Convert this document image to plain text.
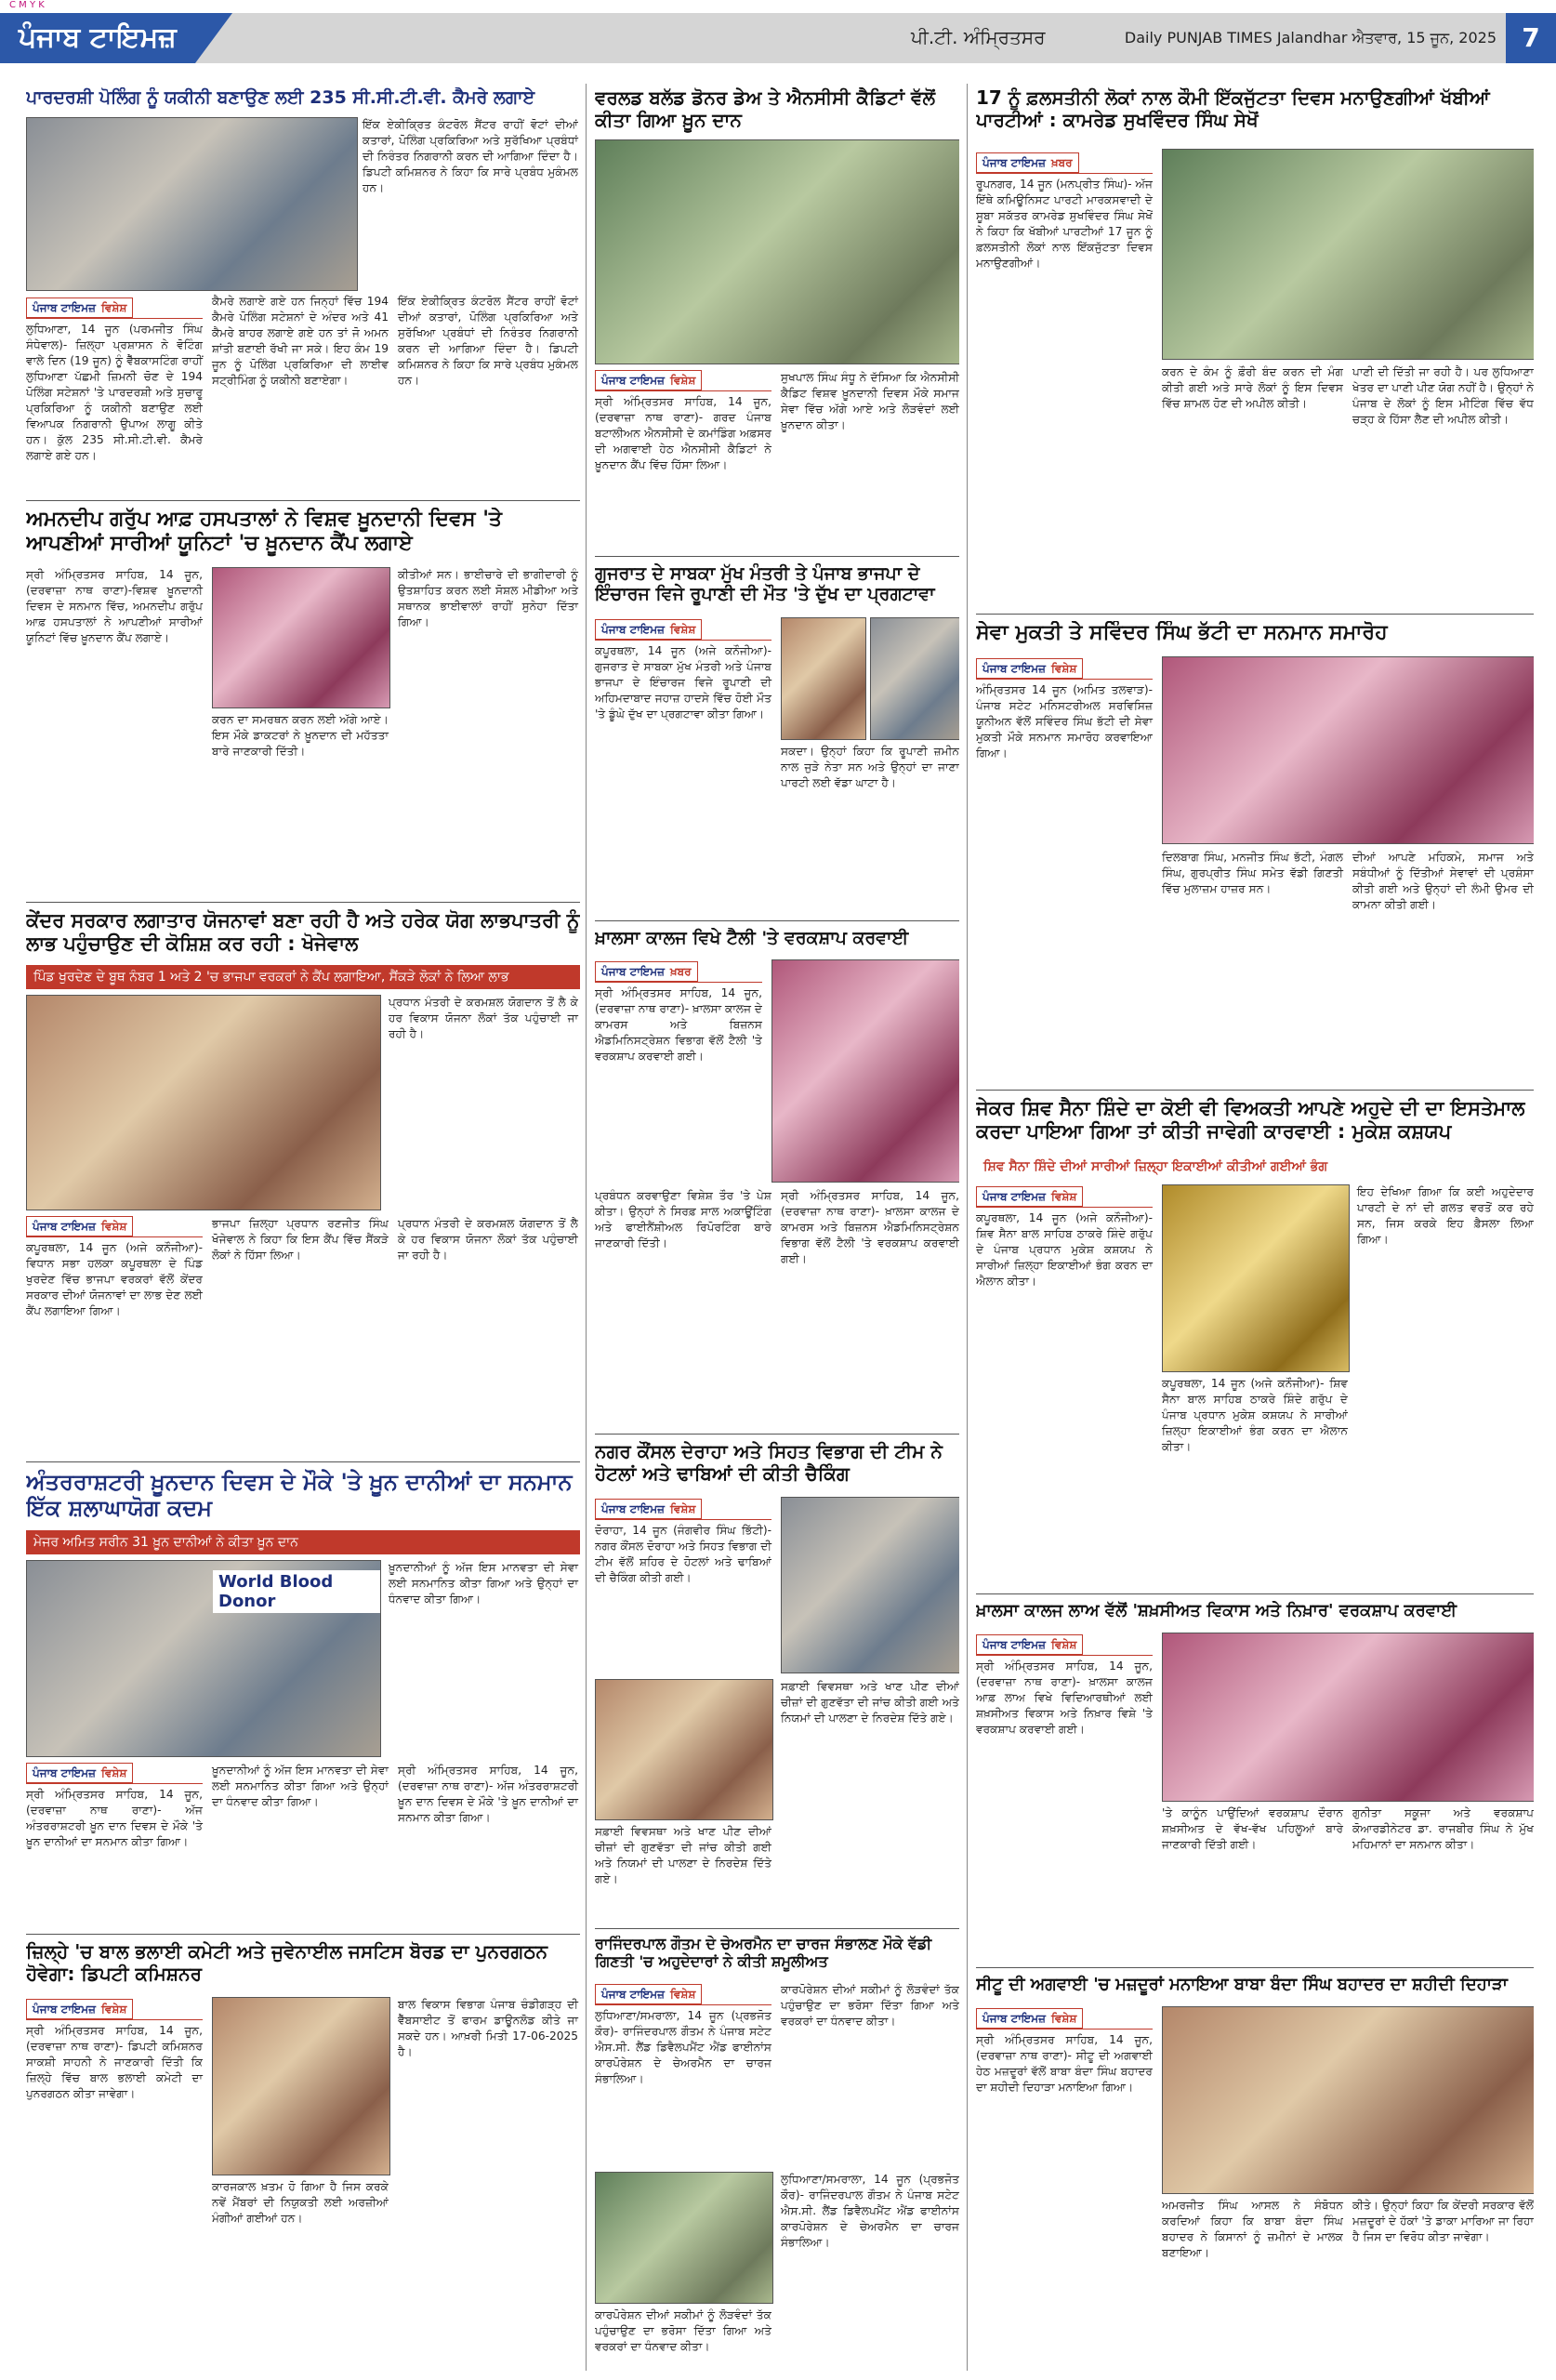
C M Y K
ਪੰਜਾਬ ਟਾਇਮਜ਼	ਪੀ.ਟੀ. ਅੰਮ੍ਰਿਤਸਰ	Daily PUNJAB TIMES Jalandhar ਐਤਵਾਰ, 15 ਜੂਨ, 2025 7
ਪਾਰਦਰਸ਼ੀ ਪੋਲਿੰਗ ਨੂੰ ਯਕੀਨੀ ਬਣਾਉਣ ਲਈ 235 ਸੀ.ਸੀ.ਟੀ.ਵੀ. ਕੈਮਰੇ ਲਗਾਏ
ਇੱਕ ਏਕੀਕ੍ਰਿਤ ਕੰਟਰੋਲ ਸੈਂਟਰ ਰਾਹੀਂ ਵੋਟਾਂ ਦੀਆਂ ਕਤਾਰਾਂ, ਪੋਲਿੰਗ ਪ੍ਰਕਿਰਿਆ ਅਤੇ ਸੁਰੱਖਿਆ ਪ੍ਰਬੰਧਾਂ ਦੀ ਨਿਰੰਤਰ ਨਿਗਰਾਨੀ ਕਰਨ ਦੀ ਆਗਿਆ ਦਿੰਦਾ ਹੈ। ਡਿਪਟੀ ਕਮਿਸ਼ਨਰ ਨੇ ਕਿਹਾ ਕਿ ਸਾਰੇ ਪ੍ਰਬੰਧ ਮੁਕੰਮਲ ਹਨ।
ਪੰਜਾਬ ਟਾਇਮਜ਼ ਵਿਸ਼ੇਸ਼
ਲੁਧਿਆਣਾ, 14 ਜੂਨ (ਪਰਮਜੀਤ ਸਿੰਘ ਸੰਧੇਵਾਲ)- ਜ਼ਿਲ੍ਹਾ ਪ੍ਰਸ਼ਾਸਨ ਨੇ ਵੋਟਿੰਗ ਵਾਲੇ ਦਿਨ (19 ਜੂਨ) ਨੂੰ ਵੈੱਬਕਾਸਟਿੰਗ ਰਾਹੀਂ ਲੁਧਿਆਣਾ ਪੱਛਮੀ ਜ਼ਿਮਨੀ ਚੋਣ ਦੇ 194 ਪੋਲਿੰਗ ਸਟੇਸ਼ਨਾਂ 'ਤੇ ਪਾਰਦਰਸ਼ੀ ਅਤੇ ਸੁਚਾਰੂ ਪ੍ਰਕਿਰਿਆ ਨੂੰ ਯਕੀਨੀ ਬਣਾਉਣ ਲਈ ਵਿਆਪਕ ਨਿਗਰਾਨੀ ਉਪਾਅ ਲਾਗੂ ਕੀਤੇ ਹਨ। ਕੁੱਲ 235 ਸੀ.ਸੀ.ਟੀ.ਵੀ. ਕੈਮਰੇ ਲਗਾਏ ਗਏ ਹਨ।
ਕੈਮਰੇ ਲਗਾਏ ਗਏ ਹਨ ਜਿਨ੍ਹਾਂ ਵਿੱਚ 194 ਕੈਮਰੇ ਪੋਲਿੰਗ ਸਟੇਸ਼ਨਾਂ ਦੇ ਅੰਦਰ ਅਤੇ 41 ਕੈਮਰੇ ਬਾਹਰ ਲਗਾਏ ਗਏ ਹਨ ਤਾਂ ਜੋ ਅਮਨ ਸ਼ਾਂਤੀ ਬਣਾਈ ਰੱਖੀ ਜਾ ਸਕੇ। ਇਹ ਕੰਮ 19 ਜੂਨ ਨੂੰ ਪੋਲਿੰਗ ਪ੍ਰਕਿਰਿਆ ਦੀ ਲਾਈਵ ਸਟ੍ਰੀਮਿੰਗ ਨੂੰ ਯਕੀਨੀ ਬਣਾਏਗਾ।
ਇੱਕ ਏਕੀਕ੍ਰਿਤ ਕੰਟਰੋਲ ਸੈਂਟਰ ਰਾਹੀਂ ਵੋਟਾਂ ਦੀਆਂ ਕਤਾਰਾਂ, ਪੋਲਿੰਗ ਪ੍ਰਕਿਰਿਆ ਅਤੇ ਸੁਰੱਖਿਆ ਪ੍ਰਬੰਧਾਂ ਦੀ ਨਿਰੰਤਰ ਨਿਗਰਾਨੀ ਕਰਨ ਦੀ ਆਗਿਆ ਦਿੰਦਾ ਹੈ। ਡਿਪਟੀ ਕਮਿਸ਼ਨਰ ਨੇ ਕਿਹਾ ਕਿ ਸਾਰੇ ਪ੍ਰਬੰਧ ਮੁਕੰਮਲ ਹਨ।
ਅਮਨਦੀਪ ਗਰੁੱਪ ਆਫ਼ ਹਸਪਤਾਲਾਂ ਨੇ ਵਿਸ਼ਵ ਖ਼ੂਨਦਾਨੀ ਦਿਵਸ 'ਤੇ ਆਪਣੀਆਂ ਸਾਰੀਆਂ ਯੂਨਿਟਾਂ 'ਚ ਖ਼ੂਨਦਾਨ ਕੈਂਪ ਲਗਾਏ
ਸ੍ਰੀ ਅੰਮ੍ਰਿਤਸਰ ਸਾਹਿਬ, 14 ਜੂਨ, (ਦਰਵਾਜ਼ਾ ਨਾਥ ਰਾਣਾ)-ਵਿਸ਼ਵ ਖ਼ੂਨਦਾਨੀ ਦਿਵਸ ਦੇ ਸਨਮਾਨ ਵਿੱਚ, ਅਮਨਦੀਪ ਗਰੁੱਪ ਆਫ਼ ਹਸਪਤਾਲਾਂ ਨੇ ਆਪਣੀਆਂ ਸਾਰੀਆਂ ਯੂਨਿਟਾਂ ਵਿੱਚ ਖ਼ੂਨਦਾਨ ਕੈਂਪ ਲਗਾਏ।
ਕਰਨ ਦਾ ਸਮਰਥਨ ਕਰਨ ਲਈ ਅੱਗੇ ਆਏ। ਇਸ ਮੌਕੇ ਡਾਕਟਰਾਂ ਨੇ ਖ਼ੂਨਦਾਨ ਦੀ ਮਹੱਤਤਾ ਬਾਰੇ ਜਾਣਕਾਰੀ ਦਿੱਤੀ।
ਕੀਤੀਆਂ ਸਨ। ਭਾਈਚਾਰੇ ਦੀ ਭਾਗੀਦਾਰੀ ਨੂੰ ਉਤਸ਼ਾਹਿਤ ਕਰਨ ਲਈ ਸੋਸ਼ਲ ਮੀਡੀਆ ਅਤੇ ਸਥਾਨਕ ਭਾਈਵਾਲਾਂ ਰਾਹੀਂ ਸੁਨੇਹਾ ਦਿੱਤਾ ਗਿਆ।
ਕੇਂਦਰ ਸਰਕਾਰ ਲਗਾਤਾਰ ਯੋਜਨਾਵਾਂ ਬਣਾ ਰਹੀ ਹੈ ਅਤੇ ਹਰੇਕ ਯੋਗ ਲਾਭਪਾਤਰੀ ਨੂੰ ਲਾਭ ਪਹੁੰਚਾਉਣ ਦੀ ਕੋਸ਼ਿਸ਼ ਕਰ ਰਹੀ : ਖੋਜੇਵਾਲ
ਪਿੰਡ ਖੁਰਦੇਣ ਦੇ ਬੂਥ ਨੰਬਰ 1 ਅਤੇ 2 'ਚ ਭਾਜਪਾ ਵਰਕਰਾਂ ਨੇ ਕੈਂਪ ਲਗਾਇਆ, ਸੈਂਕੜੇ ਲੋਕਾਂ ਨੇ ਲਿਆ ਲਾਭ
ਪ੍ਰਧਾਨ ਮੰਤਰੀ ਦੇ ਕਰਮਸ਼ਲ ਯੋਗਦਾਨ ਤੋਂ ਲੈ ਕੇ ਹਰ ਵਿਕਾਸ ਯੋਜਨਾ ਲੋਕਾਂ ਤੱਕ ਪਹੁੰਚਾਈ ਜਾ ਰਹੀ ਹੈ।
ਪੰਜਾਬ ਟਾਇਮਜ਼ ਵਿਸ਼ੇਸ਼
ਕਪੂਰਥਲਾ, 14 ਜੂਨ (ਅਜੇ ਕਨੌਜੀਆ)- ਵਿਧਾਨ ਸਭਾ ਹਲਕਾ ਕਪੂਰਥਲਾ ਦੇ ਪਿੰਡ ਖੁਰਦੇਣ ਵਿੱਚ ਭਾਜਪਾ ਵਰਕਰਾਂ ਵੱਲੋਂ ਕੇਂਦਰ ਸਰਕਾਰ ਦੀਆਂ ਯੋਜਨਾਵਾਂ ਦਾ ਲਾਭ ਦੇਣ ਲਈ ਕੈਂਪ ਲਗਾਇਆ ਗਿਆ।
ਭਾਜਪਾ ਜ਼ਿਲ੍ਹਾ ਪ੍ਰਧਾਨ ਰਣਜੀਤ ਸਿੰਘ ਖੋਜੇਵਾਲ ਨੇ ਕਿਹਾ ਕਿ ਇਸ ਕੈਂਪ ਵਿੱਚ ਸੈਂਕੜੇ ਲੋਕਾਂ ਨੇ ਹਿੱਸਾ ਲਿਆ।
ਪ੍ਰਧਾਨ ਮੰਤਰੀ ਦੇ ਕਰਮਸ਼ਲ ਯੋਗਦਾਨ ਤੋਂ ਲੈ ਕੇ ਹਰ ਵਿਕਾਸ ਯੋਜਨਾ ਲੋਕਾਂ ਤੱਕ ਪਹੁੰਚਾਈ ਜਾ ਰਹੀ ਹੈ।
ਅੰਤਰਰਾਸ਼ਟਰੀ ਖ਼ੂਨਦਾਨ ਦਿਵਸ ਦੇ ਮੌਕੇ 'ਤੇ ਖ਼ੂਨ ਦਾਨੀਆਂ ਦਾ ਸਨਮਾਨ ਇੱਕ ਸ਼ਲਾਘਾਯੋਗ ਕਦਮ
ਮੇਜਰ ਅਮਿਤ ਸਰੀਨ 31 ਖ਼ੂਨ ਦਾਨੀਆਂ ਨੇ ਕੀਤਾ ਖ਼ੂਨ ਦਾਨ
World Blood Donor
ਖ਼ੂਨਦਾਨੀਆਂ ਨੂੰ ਅੱਜ ਇਸ ਮਾਨਵਤਾ ਦੀ ਸੇਵਾ ਲਈ ਸਨਮਾਨਿਤ ਕੀਤਾ ਗਿਆ ਅਤੇ ਉਨ੍ਹਾਂ ਦਾ ਧੰਨਵਾਦ ਕੀਤਾ ਗਿਆ।
ਪੰਜਾਬ ਟਾਇਮਜ਼ ਵਿਸ਼ੇਸ਼
ਸ੍ਰੀ ਅੰਮ੍ਰਿਤਸਰ ਸਾਹਿਬ, 14 ਜੂਨ, (ਦਰਵਾਜ਼ਾ ਨਾਥ ਰਾਣਾ)- ਅੱਜ ਅੰਤਰਰਾਸ਼ਟਰੀ ਖ਼ੂਨ ਦਾਨ ਦਿਵਸ ਦੇ ਮੌਕੇ 'ਤੇ ਖ਼ੂਨ ਦਾਨੀਆਂ ਦਾ ਸਨਮਾਨ ਕੀਤਾ ਗਿਆ।
ਖ਼ੂਨਦਾਨੀਆਂ ਨੂੰ ਅੱਜ ਇਸ ਮਾਨਵਤਾ ਦੀ ਸੇਵਾ ਲਈ ਸਨਮਾਨਿਤ ਕੀਤਾ ਗਿਆ ਅਤੇ ਉਨ੍ਹਾਂ ਦਾ ਧੰਨਵਾਦ ਕੀਤਾ ਗਿਆ।
ਸ੍ਰੀ ਅੰਮ੍ਰਿਤਸਰ ਸਾਹਿਬ, 14 ਜੂਨ, (ਦਰਵਾਜ਼ਾ ਨਾਥ ਰਾਣਾ)- ਅੱਜ ਅੰਤਰਰਾਸ਼ਟਰੀ ਖ਼ੂਨ ਦਾਨ ਦਿਵਸ ਦੇ ਮੌਕੇ 'ਤੇ ਖ਼ੂਨ ਦਾਨੀਆਂ ਦਾ ਸਨਮਾਨ ਕੀਤਾ ਗਿਆ।
ਜ਼ਿਲ੍ਹੇ 'ਚ ਬਾਲ ਭਲਾਈ ਕਮੇਟੀ ਅਤੇ ਜੁਵੇਨਾਈਲ ਜਸਟਿਸ ਬੋਰਡ ਦਾ ਪੁਨਰਗਠਨ ਹੋਵੇਗਾ: ਡਿਪਟੀ ਕਮਿਸ਼ਨਰ
ਪੰਜਾਬ ਟਾਇਮਜ਼ ਵਿਸ਼ੇਸ਼
ਸ੍ਰੀ ਅੰਮ੍ਰਿਤਸਰ ਸਾਹਿਬ, 14 ਜੂਨ, (ਦਰਵਾਜ਼ਾ ਨਾਥ ਰਾਣਾ)- ਡਿਪਟੀ ਕਮਿਸ਼ਨਰ ਸਾਕਸ਼ੀ ਸਾਹਨੀ ਨੇ ਜਾਣਕਾਰੀ ਦਿੱਤੀ ਕਿ ਜ਼ਿਲ੍ਹੇ ਵਿੱਚ ਬਾਲ ਭਲਾਈ ਕਮੇਟੀ ਦਾ ਪੁਨਰਗਠਨ ਕੀਤਾ ਜਾਵੇਗਾ।
ਕਾਰਜਕਾਲ ਖ਼ਤਮ ਹੋ ਗਿਆ ਹੈ ਜਿਸ ਕਰਕੇ ਨਵੇਂ ਮੈਂਬਰਾਂ ਦੀ ਨਿਯੁਕਤੀ ਲਈ ਅਰਜ਼ੀਆਂ ਮੰਗੀਆਂ ਗਈਆਂ ਹਨ।
ਬਾਲ ਵਿਕਾਸ ਵਿਭਾਗ ਪੰਜਾਬ ਚੰਡੀਗੜ੍ਹ ਦੀ ਵੈੱਬਸਾਈਟ ਤੋਂ ਫਾਰਮ ਡਾਊਨਲੋਡ ਕੀਤੇ ਜਾ ਸਕਦੇ ਹਨ। ਆਖ਼ਰੀ ਮਿਤੀ 17-06-2025 ਹੈ।
ਵਰਲਡ ਬਲੱਡ ਡੋਨਰ ਡੇਅ ਤੇ ਐਨਸੀਸੀ ਕੈਡਿਟਾਂ ਵੱਲੋਂ ਕੀਤਾ ਗਿਆ ਖ਼ੂਨ ਦਾਨ
ਪੰਜਾਬ ਟਾਇਮਜ਼ ਵਿਸ਼ੇਸ਼
ਸ੍ਰੀ ਅੰਮ੍ਰਿਤਸਰ ਸਾਹਿਬ, 14 ਜੂਨ, (ਦਰਵਾਜ਼ਾ ਨਾਥ ਰਾਣਾ)- ਗਰਦ ਪੰਜਾਬ ਬਟਾਲੀਅਨ ਐਨਸੀਸੀ ਦੇ ਕਮਾਂਡਿੰਗ ਅਫ਼ਸਰ ਦੀ ਅਗਵਾਈ ਹੇਠ ਐਨਸੀਸੀ ਕੈਡਿਟਾਂ ਨੇ ਖ਼ੂਨਦਾਨ ਕੈਂਪ ਵਿੱਚ ਹਿੱਸਾ ਲਿਆ।
ਸੁਖਪਾਲ ਸਿੰਘ ਸੰਧੂ ਨੇ ਦੱਸਿਆ ਕਿ ਐਨਸੀਸੀ ਕੈਡਿਟ ਵਿਸ਼ਵ ਖ਼ੂਨਦਾਨੀ ਦਿਵਸ ਮੌਕੇ ਸਮਾਜ ਸੇਵਾ ਵਿੱਚ ਅੱਗੇ ਆਏ ਅਤੇ ਲੋੜਵੰਦਾਂ ਲਈ ਖ਼ੂਨਦਾਨ ਕੀਤਾ।
ਗੁਜਰਾਤ ਦੇ ਸਾਬਕਾ ਮੁੱਖ ਮੰਤਰੀ ਤੇ ਪੰਜਾਬ ਭਾਜਪਾ ਦੇ ਇੰਚਾਰਜ ਵਿਜੇ ਰੂਪਾਣੀ ਦੀ ਮੌਤ 'ਤੇ ਦੁੱਖ ਦਾ ਪ੍ਰਗਟਾਵਾ
ਪੰਜਾਬ ਟਾਇਮਜ਼ ਵਿਸ਼ੇਸ਼
ਕਪੂਰਥਲਾ, 14 ਜੂਨ (ਅਜੇ ਕਨੌਜੀਆ)- ਗੁਜਰਾਤ ਦੇ ਸਾਬਕਾ ਮੁੱਖ ਮੰਤਰੀ ਅਤੇ ਪੰਜਾਬ ਭਾਜਪਾ ਦੇ ਇੰਚਾਰਜ ਵਿਜੇ ਰੂਪਾਣੀ ਦੀ ਅਹਿਮਦਾਬਾਦ ਜਹਾਜ਼ ਹਾਦਸੇ ਵਿੱਚ ਹੋਈ ਮੌਤ 'ਤੇ ਡੂੰਘੇ ਦੁੱਖ ਦਾ ਪ੍ਰਗਟਾਵਾ ਕੀਤਾ ਗਿਆ।
ਸਕਦਾ। ਉਨ੍ਹਾਂ ਕਿਹਾ ਕਿ ਰੂਪਾਣੀ ਜ਼ਮੀਨ ਨਾਲ ਜੁੜੇ ਨੇਤਾ ਸਨ ਅਤੇ ਉਨ੍ਹਾਂ ਦਾ ਜਾਣਾ ਪਾਰਟੀ ਲਈ ਵੱਡਾ ਘਾਟਾ ਹੈ।
ਖ਼ਾਲਸਾ ਕਾਲਜ ਵਿਖੇ ਟੈਲੀ 'ਤੇ ਵਰਕਸ਼ਾਪ ਕਰਵਾਈ
ਪੰਜਾਬ ਟਾਇਮਜ਼ ਖ਼ਬਰ
ਸ੍ਰੀ ਅੰਮ੍ਰਿਤਸਰ ਸਾਹਿਬ, 14 ਜੂਨ, (ਦਰਵਾਜ਼ਾ ਨਾਥ ਰਾਣਾ)- ਖ਼ਾਲਸਾ ਕਾਲਜ ਦੇ ਕਾਮਰਸ ਅਤੇ ਬਿਜ਼ਨਸ ਐਡਮਿਨਿਸਟ੍ਰੇਸ਼ਨ ਵਿਭਾਗ ਵੱਲੋਂ ਟੈਲੀ 'ਤੇ ਵਰਕਸ਼ਾਪ ਕਰਵਾਈ ਗਈ।
ਪ੍ਰਬੰਧਨ ਕਰਵਾਉਣਾ ਵਿਸ਼ੇਸ਼ ਤੌਰ 'ਤੇ ਪੇਸ਼ ਕੀਤਾ। ਉਨ੍ਹਾਂ ਨੇ ਸਿਰਫ਼ ਸਾਲ ਅਕਾਊਂਟਿੰਗ ਅਤੇ ਫਾਈਨੈਂਸ਼ੀਅਲ ਰਿਪੋਰਟਿੰਗ ਬਾਰੇ ਜਾਣਕਾਰੀ ਦਿੱਤੀ।
ਸ੍ਰੀ ਅੰਮ੍ਰਿਤਸਰ ਸਾਹਿਬ, 14 ਜੂਨ, (ਦਰਵਾਜ਼ਾ ਨਾਥ ਰਾਣਾ)- ਖ਼ਾਲਸਾ ਕਾਲਜ ਦੇ ਕਾਮਰਸ ਅਤੇ ਬਿਜ਼ਨਸ ਐਡਮਿਨਿਸਟ੍ਰੇਸ਼ਨ ਵਿਭਾਗ ਵੱਲੋਂ ਟੈਲੀ 'ਤੇ ਵਰਕਸ਼ਾਪ ਕਰਵਾਈ ਗਈ।
ਨਗਰ ਕੌਂਸਲ ਦੇਰਾਹਾ ਅਤੇ ਸਿਹਤ ਵਿਭਾਗ ਦੀ ਟੀਮ ਨੇ ਹੋਟਲਾਂ ਅਤੇ ਢਾਬਿਆਂ ਦੀ ਕੀਤੀ ਚੈਕਿੰਗ
ਪੰਜਾਬ ਟਾਇਮਜ਼ ਵਿਸ਼ੇਸ਼
ਦੋਰਾਹਾ, 14 ਜੂਨ (ਜੰਗਵੀਰ ਸਿੰਘ ਭਿੱਟੀ)- ਨਗਰ ਕੌਂਸਲ ਦੋਰਾਹਾ ਅਤੇ ਸਿਹਤ ਵਿਭਾਗ ਦੀ ਟੀਮ ਵੱਲੋਂ ਸ਼ਹਿਰ ਦੇ ਹੋਟਲਾਂ ਅਤੇ ਢਾਬਿਆਂ ਦੀ ਚੈਕਿੰਗ ਕੀਤੀ ਗਈ।
ਸਫ਼ਾਈ ਵਿਵਸਥਾ ਅਤੇ ਖਾਣ ਪੀਣ ਦੀਆਂ ਚੀਜ਼ਾਂ ਦੀ ਗੁਣਵੱਤਾ ਦੀ ਜਾਂਚ ਕੀਤੀ ਗਈ ਅਤੇ ਨਿਯਮਾਂ ਦੀ ਪਾਲਣਾ ਦੇ ਨਿਰਦੇਸ਼ ਦਿੱਤੇ ਗਏ।
ਸਫ਼ਾਈ ਵਿਵਸਥਾ ਅਤੇ ਖਾਣ ਪੀਣ ਦੀਆਂ ਚੀਜ਼ਾਂ ਦੀ ਗੁਣਵੱਤਾ ਦੀ ਜਾਂਚ ਕੀਤੀ ਗਈ ਅਤੇ ਨਿਯਮਾਂ ਦੀ ਪਾਲਣਾ ਦੇ ਨਿਰਦੇਸ਼ ਦਿੱਤੇ ਗਏ।
ਰਾਜਿੰਦਰਪਾਲ ਗੌਤਮ ਦੇ ਚੇਅਰਮੈਨ ਦਾ ਚਾਰਜ ਸੰਭਾਲਣ ਮੌਕੇ ਵੱਡੀ ਗਿਣਤੀ 'ਚ ਅਹੁਦੇਦਾਰਾਂ ਨੇ ਕੀਤੀ ਸ਼ਮੂਲੀਅਤ
ਪੰਜਾਬ ਟਾਇਮਜ਼ ਵਿਸ਼ੇਸ਼
ਲੁਧਿਆਣਾ/ਸਮਰਾਲਾ, 14 ਜੂਨ (ਪ੍ਰਭਜੋਤ ਕੌਰ)- ਰਾਜਿੰਦਰਪਾਲ ਗੌਤਮ ਨੇ ਪੰਜਾਬ ਸਟੇਟ ਐਸ.ਸੀ. ਲੈਂਡ ਡਿਵੈਲਪਮੈਂਟ ਐਂਡ ਫਾਈਨਾਂਸ ਕਾਰਪੋਰੇਸ਼ਨ ਦੇ ਚੇਅਰਮੈਨ ਦਾ ਚਾਰਜ ਸੰਭਾਲਿਆ।
ਕਾਰਪੋਰੇਸ਼ਨ ਦੀਆਂ ਸਕੀਮਾਂ ਨੂੰ ਲੋੜਵੰਦਾਂ ਤੱਕ ਪਹੁੰਚਾਉਣ ਦਾ ਭਰੋਸਾ ਦਿੱਤਾ ਗਿਆ ਅਤੇ ਵਰਕਰਾਂ ਦਾ ਧੰਨਵਾਦ ਕੀਤਾ।
ਲੁਧਿਆਣਾ/ਸਮਰਾਲਾ, 14 ਜੂਨ (ਪ੍ਰਭਜੋਤ ਕੌਰ)- ਰਾਜਿੰਦਰਪਾਲ ਗੌਤਮ ਨੇ ਪੰਜਾਬ ਸਟੇਟ ਐਸ.ਸੀ. ਲੈਂਡ ਡਿਵੈਲਪਮੈਂਟ ਐਂਡ ਫਾਈਨਾਂਸ ਕਾਰਪੋਰੇਸ਼ਨ ਦੇ ਚੇਅਰਮੈਨ ਦਾ ਚਾਰਜ ਸੰਭਾਲਿਆ।
ਕਾਰਪੋਰੇਸ਼ਨ ਦੀਆਂ ਸਕੀਮਾਂ ਨੂੰ ਲੋੜਵੰਦਾਂ ਤੱਕ ਪਹੁੰਚਾਉਣ ਦਾ ਭਰੋਸਾ ਦਿੱਤਾ ਗਿਆ ਅਤੇ ਵਰਕਰਾਂ ਦਾ ਧੰਨਵਾਦ ਕੀਤਾ।
17 ਨੂੰ ਫ਼ਲਸਤੀਨੀ ਲੋਕਾਂ ਨਾਲ ਕੌਮੀ ਇੱਕਜੁੱਟਤਾ ਦਿਵਸ ਮਨਾਉਣਗੀਆਂ ਖੱਬੀਆਂ ਪਾਰਟੀਆਂ : ਕਾਮਰੇਡ ਸੁਖਵਿੰਦਰ ਸਿੰਘ ਸੇਖੋਂ
ਪੰਜਾਬ ਟਾਇਮਜ਼ ਖ਼ਬਰ
ਰੂਪਨਗਰ, 14 ਜੂਨ (ਮਨਪ੍ਰੀਤ ਸਿੰਘ)- ਅੱਜ ਇੱਥੇ ਕਮਿਊਨਿਸਟ ਪਾਰਟੀ ਮਾਰਕਸਵਾਦੀ ਦੇ ਸੂਬਾ ਸਕੱਤਰ ਕਾਮਰੇਡ ਸੁਖਵਿੰਦਰ ਸਿੰਘ ਸੇਖੋਂ ਨੇ ਕਿਹਾ ਕਿ ਖੱਬੀਆਂ ਪਾਰਟੀਆਂ 17 ਜੂਨ ਨੂੰ ਫ਼ਲਸਤੀਨੀ ਲੋਕਾਂ ਨਾਲ ਇੱਕਜੁੱਟਤਾ ਦਿਵਸ ਮਨਾਉਣਗੀਆਂ।
ਕਰਨ ਦੇ ਕੰਮ ਨੂੰ ਫ਼ੌਰੀ ਬੰਦ ਕਰਨ ਦੀ ਮੰਗ ਕੀਤੀ ਗਈ ਅਤੇ ਸਾਰੇ ਲੋਕਾਂ ਨੂੰ ਇਸ ਦਿਵਸ ਵਿੱਚ ਸ਼ਾਮਲ ਹੋਣ ਦੀ ਅਪੀਲ ਕੀਤੀ।
ਪਾਣੀ ਦੀ ਦਿੱਤੀ ਜਾ ਰਹੀ ਹੈ। ਪਰ ਲੁਧਿਆਣਾ ਖੇਤਰ ਦਾ ਪਾਣੀ ਪੀਣ ਯੋਗ ਨਹੀਂ ਹੈ। ਉਨ੍ਹਾਂ ਨੇ ਪੰਜਾਬ ਦੇ ਲੋਕਾਂ ਨੂੰ ਇਸ ਮੀਟਿੰਗ ਵਿੱਚ ਵੱਧ ਚੜ੍ਹ ਕੇ ਹਿੱਸਾ ਲੈਣ ਦੀ ਅਪੀਲ ਕੀਤੀ।
ਸੇਵਾ ਮੁਕਤੀ ਤੇ ਸਵਿੰਦਰ ਸਿੰਘ ਭੱਟੀ ਦਾ ਸਨਮਾਨ ਸਮਾਰੋਹ
ਪੰਜਾਬ ਟਾਇਮਜ਼ ਵਿਸ਼ੇਸ਼
ਅੰਮ੍ਰਿਤਸਰ 14 ਜੂਨ (ਅਮਿਤ ਤਲਵਾੜ)- ਪੰਜਾਬ ਸਟੇਟ ਮਨਿਸਟਰੀਅਲ ਸਰਵਿਸਿਜ਼ ਯੂਨੀਅਨ ਵੱਲੋਂ ਸਵਿੰਦਰ ਸਿੰਘ ਭੱਟੀ ਦੀ ਸੇਵਾ ਮੁਕਤੀ ਮੌਕੇ ਸਨਮਾਨ ਸਮਾਰੋਹ ਕਰਵਾਇਆ ਗਿਆ।
ਦਿਲਬਾਗ ਸਿੰਘ, ਮਨਜੀਤ ਸਿੰਘ ਭੱਟੀ, ਮੰਗਲ ਸਿੰਘ, ਗੁਰਪ੍ਰੀਤ ਸਿੰਘ ਸਮੇਤ ਵੱਡੀ ਗਿਣਤੀ ਵਿੱਚ ਮੁਲਾਜ਼ਮ ਹਾਜ਼ਰ ਸਨ।
ਦੀਆਂ ਆਪਣੇ ਮਹਿਕਮੇ, ਸਮਾਜ ਅਤੇ ਸਬੰਧੀਆਂ ਨੂੰ ਦਿੱਤੀਆਂ ਸੇਵਾਵਾਂ ਦੀ ਪ੍ਰਸ਼ੰਸਾ ਕੀਤੀ ਗਈ ਅਤੇ ਉਨ੍ਹਾਂ ਦੀ ਲੰਮੀ ਉਮਰ ਦੀ ਕਾਮਨਾ ਕੀਤੀ ਗਈ।
ਜੇਕਰ ਸ਼ਿਵ ਸੈਨਾ ਸ਼ਿੰਦੇ ਦਾ ਕੋਈ ਵੀ ਵਿਅਕਤੀ ਆਪਣੇ ਅਹੁਦੇ ਦੀ ਦਾ ਇਸਤੇਮਾਲ ਕਰਦਾ ਪਾਇਆ ਗਿਆ ਤਾਂ ਕੀਤੀ ਜਾਵੇਗੀ ਕਾਰਵਾਈ : ਮੁਕੇਸ਼ ਕਸ਼ਯਪ
ਸ਼ਿਵ ਸੈਨਾ ਸ਼ਿੰਦੇ ਦੀਆਂ ਸਾਰੀਆਂ ਜ਼ਿਲ੍ਹਾ ਇਕਾਈਆਂ ਕੀਤੀਆਂ ਗਈਆਂ ਭੰਗ
ਪੰਜਾਬ ਟਾਇਮਜ਼ ਵਿਸ਼ੇਸ਼
ਕਪੂਰਥਲਾ, 14 ਜੂਨ (ਅਜੇ ਕਨੌਜੀਆ)- ਸ਼ਿਵ ਸੈਨਾ ਬਾਲ ਸਾਹਿਬ ਠਾਕਰੇ ਸ਼ਿੰਦੇ ਗਰੁੱਪ ਦੇ ਪੰਜਾਬ ਪ੍ਰਧਾਨ ਮੁਕੇਸ਼ ਕਸ਼ਯਪ ਨੇ ਸਾਰੀਆਂ ਜ਼ਿਲ੍ਹਾ ਇਕਾਈਆਂ ਭੰਗ ਕਰਨ ਦਾ ਐਲਾਨ ਕੀਤਾ।
ਇਹ ਦੇਖਿਆ ਗਿਆ ਕਿ ਕਈ ਅਹੁਦੇਦਾਰ ਪਾਰਟੀ ਦੇ ਨਾਂ ਦੀ ਗਲਤ ਵਰਤੋਂ ਕਰ ਰਹੇ ਸਨ, ਜਿਸ ਕਰਕੇ ਇਹ ਫ਼ੈਸਲਾ ਲਿਆ ਗਿਆ।
ਕਪੂਰਥਲਾ, 14 ਜੂਨ (ਅਜੇ ਕਨੌਜੀਆ)- ਸ਼ਿਵ ਸੈਨਾ ਬਾਲ ਸਾਹਿਬ ਠਾਕਰੇ ਸ਼ਿੰਦੇ ਗਰੁੱਪ ਦੇ ਪੰਜਾਬ ਪ੍ਰਧਾਨ ਮੁਕੇਸ਼ ਕਸ਼ਯਪ ਨੇ ਸਾਰੀਆਂ ਜ਼ਿਲ੍ਹਾ ਇਕਾਈਆਂ ਭੰਗ ਕਰਨ ਦਾ ਐਲਾਨ ਕੀਤਾ।
ਖ਼ਾਲਸਾ ਕਾਲਜ ਲਾਅ ਵੱਲੋਂ 'ਸ਼ਖ਼ਸੀਅਤ ਵਿਕਾਸ ਅਤੇ ਨਿਖ਼ਾਰ' ਵਰਕਸ਼ਾਪ ਕਰਵਾਈ
ਪੰਜਾਬ ਟਾਇਮਜ਼ ਵਿਸ਼ੇਸ਼
ਸ੍ਰੀ ਅੰਮ੍ਰਿਤਸਰ ਸਾਹਿਬ, 14 ਜੂਨ, (ਦਰਵਾਜ਼ਾ ਨਾਥ ਰਾਣਾ)- ਖ਼ਾਲਸਾ ਕਾਲਜ ਆਫ਼ ਲਾਅ ਵਿਖੇ ਵਿਦਿਆਰਥੀਆਂ ਲਈ ਸ਼ਖ਼ਸੀਅਤ ਵਿਕਾਸ ਅਤੇ ਨਿਖ਼ਾਰ ਵਿਸ਼ੇ 'ਤੇ ਵਰਕਸ਼ਾਪ ਕਰਵਾਈ ਗਈ।
'ਤੇ ਕਾਨੂੰਨ ਪਾਉਂਦਿਆਂ ਵਰਕਸ਼ਾਪ ਦੌਰਾਨ ਸ਼ਖ਼ਸੀਅਤ ਦੇ ਵੱਖ-ਵੱਖ ਪਹਿਲੂਆਂ ਬਾਰੇ ਜਾਣਕਾਰੀ ਦਿੱਤੀ ਗਈ।
ਗੁਨੀਤਾ ਸਕੂਜਾ ਅਤੇ ਵਰਕਸ਼ਾਪ ਕੋਆਰਡੀਨੇਟਰ ਡਾ. ਰਾਜਬੀਰ ਸਿੰਘ ਨੇ ਮੁੱਖ ਮਹਿਮਾਨਾਂ ਦਾ ਸਨਮਾਨ ਕੀਤਾ।
ਸੀਟੂ ਦੀ ਅਗਵਾਈ 'ਚ ਮਜ਼ਦੂਰਾਂ ਮਨਾਇਆ ਬਾਬਾ ਬੰਦਾ ਸਿੰਘ ਬਹਾਦਰ ਦਾ ਸ਼ਹੀਦੀ ਦਿਹਾੜਾ
ਪੰਜਾਬ ਟਾਇਮਜ਼ ਵਿਸ਼ੇਸ਼
ਸ੍ਰੀ ਅੰਮ੍ਰਿਤਸਰ ਸਾਹਿਬ, 14 ਜੂਨ, (ਦਰਵਾਜ਼ਾ ਨਾਥ ਰਾਣਾ)- ਸੀਟੂ ਦੀ ਅਗਵਾਈ ਹੇਠ ਮਜ਼ਦੂਰਾਂ ਵੱਲੋਂ ਬਾਬਾ ਬੰਦਾ ਸਿੰਘ ਬਹਾਦਰ ਦਾ ਸ਼ਹੀਦੀ ਦਿਹਾੜਾ ਮਨਾਇਆ ਗਿਆ।
ਅਮਰਜੀਤ ਸਿੰਘ ਆਸਲ ਨੇ ਸੰਬੋਧਨ ਕਰਦਿਆਂ ਕਿਹਾ ਕਿ ਬਾਬਾ ਬੰਦਾ ਸਿੰਘ ਬਹਾਦਰ ਨੇ ਕਿਸਾਨਾਂ ਨੂੰ ਜ਼ਮੀਨਾਂ ਦੇ ਮਾਲਕ ਬਣਾਇਆ।
ਕੀਤੇ। ਉਨ੍ਹਾਂ ਕਿਹਾ ਕਿ ਕੇਂਦਰੀ ਸਰਕਾਰ ਵੱਲੋਂ ਮਜ਼ਦੂਰਾਂ ਦੇ ਹੱਕਾਂ 'ਤੇ ਡਾਕਾ ਮਾਰਿਆ ਜਾ ਰਿਹਾ ਹੈ ਜਿਸ ਦਾ ਵਿਰੋਧ ਕੀਤਾ ਜਾਵੇਗਾ।
